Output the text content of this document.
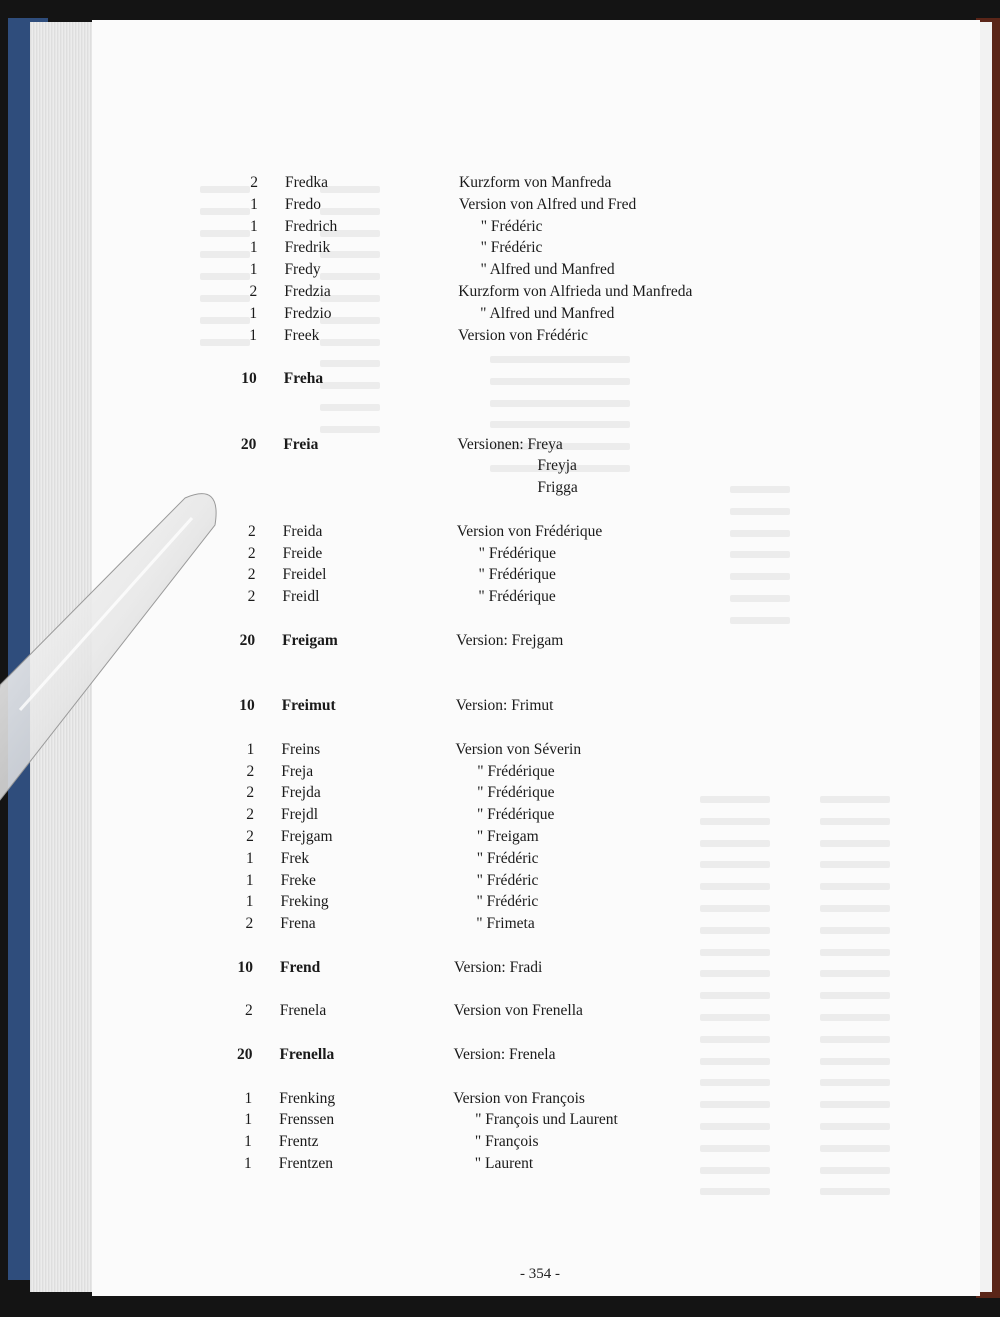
2 Fredka	Kurzform von Manfreda
1 Fredo	Version von Alfred und Fred
1 Fredrich	" Frédéric
1 Fredrik	" Frédéric
1 Fredy	" Alfred und Manfred
2 Fredzia	Kurzform von Alfrieda und Manfreda
1 Fredzio	" Alfred und Manfred
1 Freek	Version von Frédéric
10 Freha
20 Freia	Versionen: Freya
Freyja
Frigga
2 Freida	Version von Frédérique
2 Freide	" Frédérique
2 Freidel	" Frédérique
2 Freidl	" Frédérique
20 Freigam	Version: Frejgam
10 Freimut	Version: Frimut
1 Freins	Version von Séverin
2 Freja	" Frédérique
2 Frejda	" Frédérique
2 Frejdl	" Frédérique
2 Frejgam	" Freigam
1 Frek	" Frédéric
1 Freke	" Frédéric
1 Freking	" Frédéric
2 Frena	" Frimeta
10 Frend	Version: Fradi
2 Frenela	Version von Frenella
20 Frenella	Version: Frenela
1 Frenking	Version von François
1 Frenssen	" François und Laurent
1 Frentz	" François
1 Frentzen	" Laurent
- 354 -
